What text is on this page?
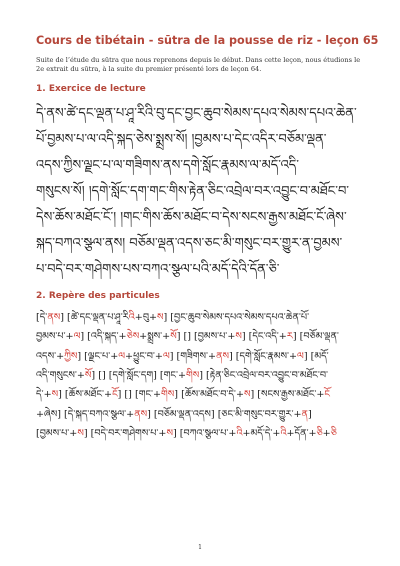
Cours de tibétain - sūtra de la pousse de riz - leçon 65
Suite de l’étude du sūtra que nous reprenons depuis le début. Dans cette leçon, nous étudions le 2e extrait du sūtra, à la suite du premier présenté lors de leçon 64.
1. Exercice de lecture
དེ་ནས་ཚེ་དང་ལྡན་པ་ཤཱ་རིའི་བུ་དང་བྱང་ཆུབ་སེམས་དཔའ་སེམས་དཔའ་ཆེན་
པོ་བྱམས་པ་ལ་འདི་སྐད་ཅེས་སྨྲས་སོ། །བྱམས་པ་དེང་འདིར་བཅོམ་ལྡན་
འདས་ཀྱིས་ལྗང་པ་ལ་གཟིགས་ནས་དགེ་སློང་རྣམས་ལ་མདོ་འདི་
གསུངས་སོ། །དགེ་སློང་དག་གང་གིས་རྟེན་ཅིང་འབྲེལ་བར་འབྱུང་བ་མཐོང་བ་
དེས་ཆོས་མཐོང་ངོ་། །གང་གིས་ཆོས་མཐོང་བ་དེས་སངས་རྒྱས་མཐོང་ངོ་ཞེས་
སྐད་བཀའ་སྩལ་ནས། བཅོམ་ལྡན་འདས་ཅང་མི་གསུང་བར་གྱུར་ན་བྱམས་
པ་བདེ་བར་གཤེགས་པས་བཀའ་སྩལ་པའི་མདོ་དེའི་དོན་ཅི་
2. Repère des particules
[དེ་ནས] [ཚེ་དང་ལྡན་པ་ཤཱ་རིའི+བུ+ས] [བྱང་ཆུབ་སེམས་དཔའ་སེམས་དཔའ་ཆེན་པོ་
བྱམས་པ་+ལ] [འདི་སྐད་+ཅེས+སྨྲས་+སོ] [] [བྱམས་པ་+ས] [དེང་འདི་+ར] [བཅོམ་ལྡན་
འདས་+ཀྱིས] [ལྗང་པ་+ལ+ཕྱུང་བ་+ལ] [གཟིགས་+ནས] [དགེ་སློང་རྣམས་+ལ] [མདོ་
འདི་གསུངས་+སོ] [] [དགེ་སློང་དག] [གང་+གིས] [རྟེན་ཅིང་འབྲེལ་བར་འབྱུང་བ་མཐོང་བ་
དེ་+ས] [ཆོས་མཐོང་+ངོ] [] [གང་+གིས] [ཆོས་མཐོང་བ་དེ་+ས] [སངས་རྒྱས་མཐོང་+ངོ
+ཞེས] [དེ་སྐད་བཀའ་སྩལ་+ནས] [བཅོམ་ལྡན་འདས] [ཅང་མི་གསུང་བར་གྱུར་+ན]
[བྱམས་པ་+ས] [བདེ་བར་གཤེགས་པ་+ས] [བཀའ་སྩལ་པ་+འི+མདོ་དེ་+འི+དོན་+ཅི+ཅི
1
